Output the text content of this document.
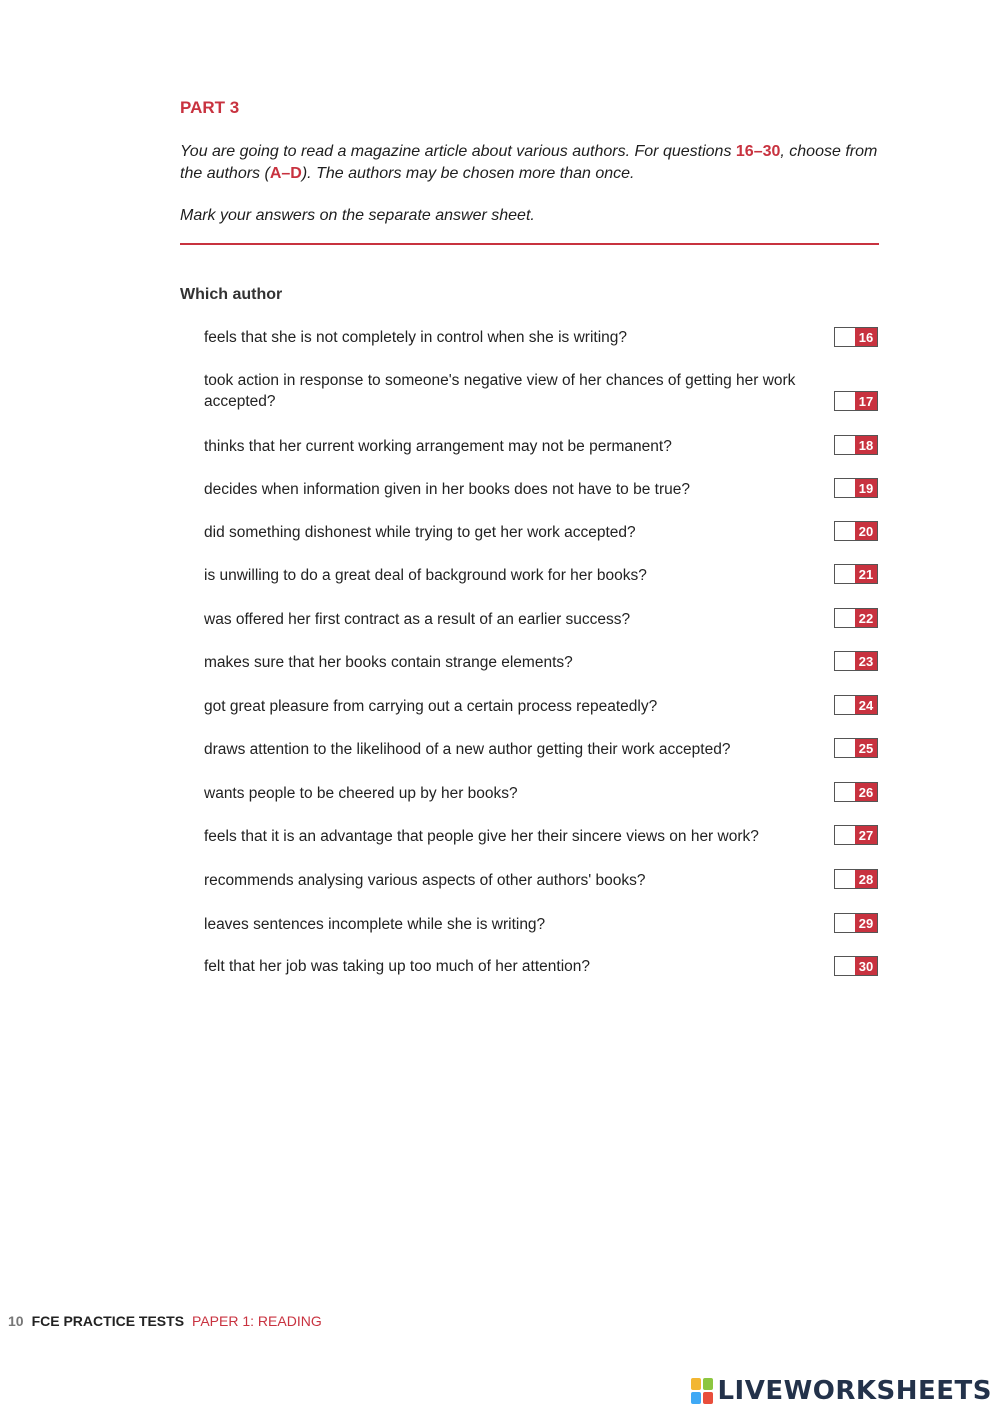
PART 3

You are going to read a magazine article about various authors. For questions 16–30, choose from the authors (A–D). The authors may be chosen more than once.

Mark your answers on the separate answer sheet.

Which author
feels that she is not completely in control when she is writing?	16
took action in response to someone's negative view of her chances of getting her work accepted?	17
thinks that her current working arrangement may not be permanent?	18
decides when information given in her books does not have to be true?	19
did something dishonest while trying to get her work accepted?	20
is unwilling to do a great deal of background work for her books?	21
was offered her first contract as a result of an earlier success?	22
makes sure that her books contain strange elements?	23
got great pleasure from carrying out a certain process repeatedly?	24
draws attention to the likelihood of a new author getting their work accepted?	25
wants people to be cheered up by her books?	26
feels that it is an advantage that people give her their sincere views on her work?	27
recommends analysing various aspects of other authors' books?	28
leaves sentences incomplete while she is writing?	29
felt that her job was taking up too much of her attention?	30
10 FCE PRACTICE TESTS PAPER 1: READING
LIVEWORKSHEETS
